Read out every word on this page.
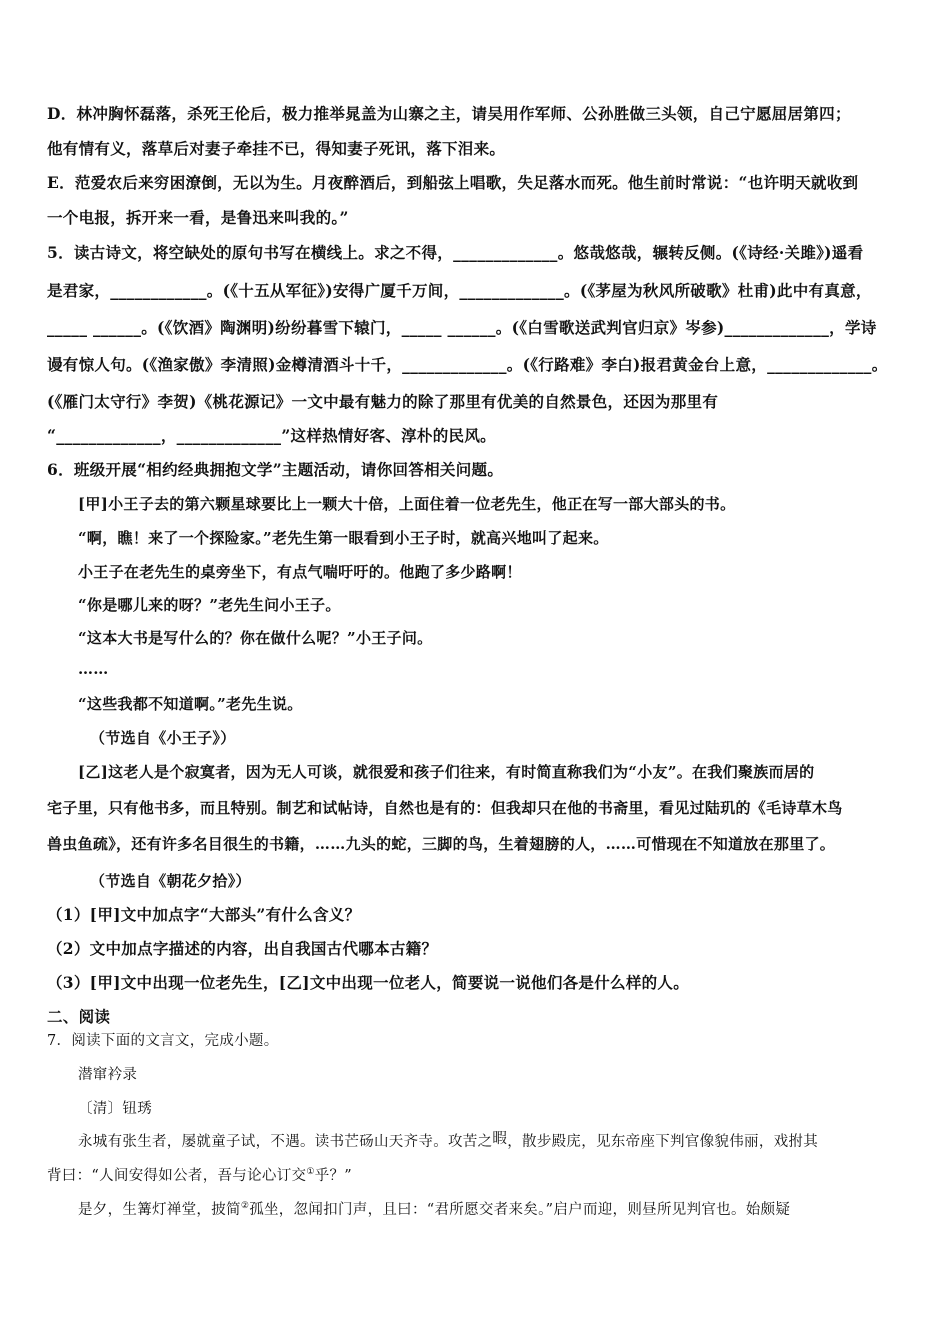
D．林冲胸怀磊落，杀死王伦后，极力推举晁盖为山寨之主，请吴用作军师、公孙胜做三头领，自己宁愿屈居第四；
他有情有义，落草后对妻子牵挂不已，得知妻子死讯，落下泪来。
E．范爱农后来穷困潦倒，无以为生。月夜醉酒后，到船弦上唱歌，失足落水而死。他生前时常说：“也许明天就收到
一个电报，拆开来一看，是鲁迅来叫我的。”
5．读古诗文，将空缺处的原句书写在横线上。求之不得，_____________。悠哉悠哉，辗转反侧。(《诗经·关雎》)遥看
是君家，____________。(《十五从军征》)安得广厦千万间，_____________。(《茅屋为秋风所破歌》杜甫)此中有真意，
_____ ______。(《饮酒》陶渊明)纷纷暮雪下辕门，_____ ______。(《白雪歌送武判官归京》岑参)_____________，学诗
谩有惊人句。(《渔家傲》李清照)金樽清酒斗十千，_____________。(《行路难》李白)报君黄金台上意，_____________。
(《雁门太守行》李贺)《桃花源记》一文中最有魅力的除了那里有优美的自然景色，还因为那里有
“_____________，_____________”这样热情好客、淳朴的民风。
6．班级开展“相约经典拥抱文学”主题活动，请你回答相关问题。
[甲]小王子去的第六颗星球要比上一颗大十倍，上面住着一位老先生，他正在写一部大部头的书。
“啊，瞧！来了一个探险家。”老先生第一眼看到小王子时，就高兴地叫了起来。
小王子在老先生的桌旁坐下，有点气喘吁吁的。他跑了多少路啊！
“你是哪儿来的呀？”老先生问小王子。
“这本大书是写什么的？你在做什么呢？”小王子问。
……
“这些我都不知道啊。”老先生说。
（节选自《小王子》）
[乙]这老人是个寂寞者，因为无人可谈，就很爱和孩子们往来，有时简直称我们为“小友”。在我们聚族而居的
宅子里，只有他书多，而且特别。制艺和试帖诗，自然也是有的：但我却只在他的书斋里，看见过陆玑的《毛诗草木鸟
兽虫鱼疏》，还有许多名目很生的书籍，……九头的蛇，三脚的鸟，生着翅膀的人，……可惜现在不知道放在那里了。
（节选自《朝花夕拾》）
（1）[甲]文中加点字“大部头”有什么含义？
（2）文中加点字描述的内容，出自我国古代哪本古籍？
（3）[甲]文中出现一位老先生，[乙]文中出现一位老人，简要说一说他们各是什么样的人。
二、阅读
7．阅读下面的文言文，完成小题。
潜窜衿录
〔清〕钮琇
永城有张生者，屡就童子试，不遇。读书芒砀山天齐寺。攻苦之$^暇$，散步殿庑，见东帝座下判官像貌伟丽，戏拊其
背曰：“人间安得如公者，吾与论心订交①乎？”
是夕，生篝灯禅堂，披简②孤坐，忽闻扣门声，且曰：“君所愿交者来矣。”启户而迎，则昼所见判官也。始颇疑
